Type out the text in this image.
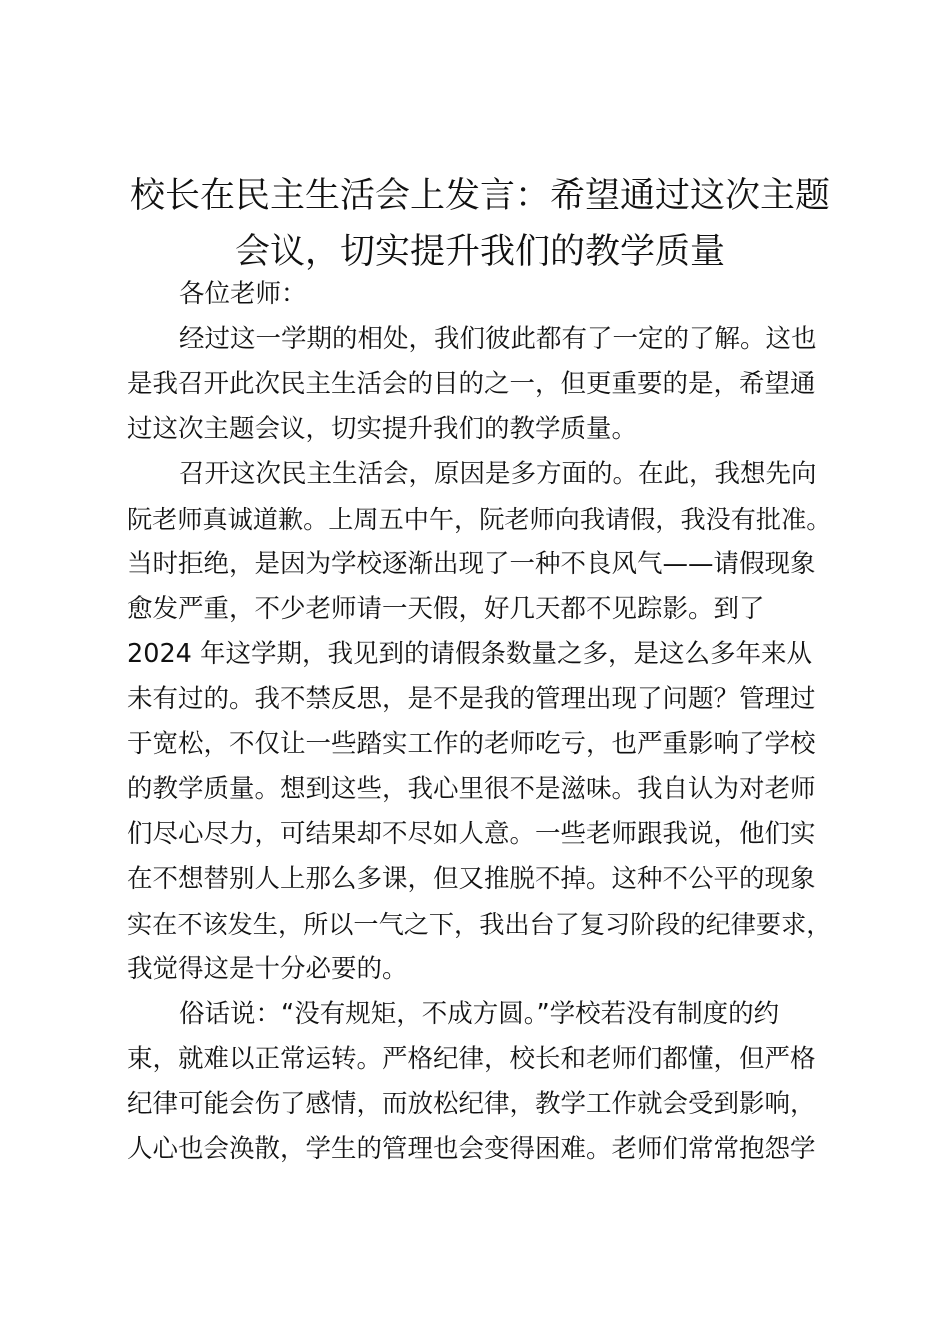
校长在民主生活会上发言：希望通过这次主题
会议，切实提升我们的教学质量
各位老师：
经过这一学期的相处，我们彼此都有了一定的了解。这也
是我召开此次民主生活会的目的之一，但更重要的是，希望通
过这次主题会议，切实提升我们的教学质量。
召开这次民主生活会，原因是多方面的。在此，我想先向
阮老师真诚道歉。上周五中午，阮老师向我请假，我没有批准。
当时拒绝，是因为学校逐渐出现了一种不良风气——请假现象
愈发严重，不少老师请一天假，好几天都不见踪影。到了
2024 年这学期，我见到的请假条数量之多，是这么多年来从
未有过的。我不禁反思，是不是我的管理出现了问题？管理过
于宽松，不仅让一些踏实工作的老师吃亏，也严重影响了学校
的教学质量。想到这些，我心里很不是滋味。我自认为对老师
们尽心尽力，可结果却不尽如人意。一些老师跟我说，他们实
在不想替别人上那么多课，但又推脱不掉。这种不公平的现象
实在不该发生，所以一气之下，我出台了复习阶段的纪律要求，
我觉得这是十分必要的。
俗话说：“没有规矩，不成方圆。”学校若没有制度的约
束，就难以正常运转。严格纪律，校长和老师们都懂，但严格
纪律可能会伤了感情，而放松纪律，教学工作就会受到影响，
人心也会涣散，学生的管理也会变得困难。老师们常常抱怨学
